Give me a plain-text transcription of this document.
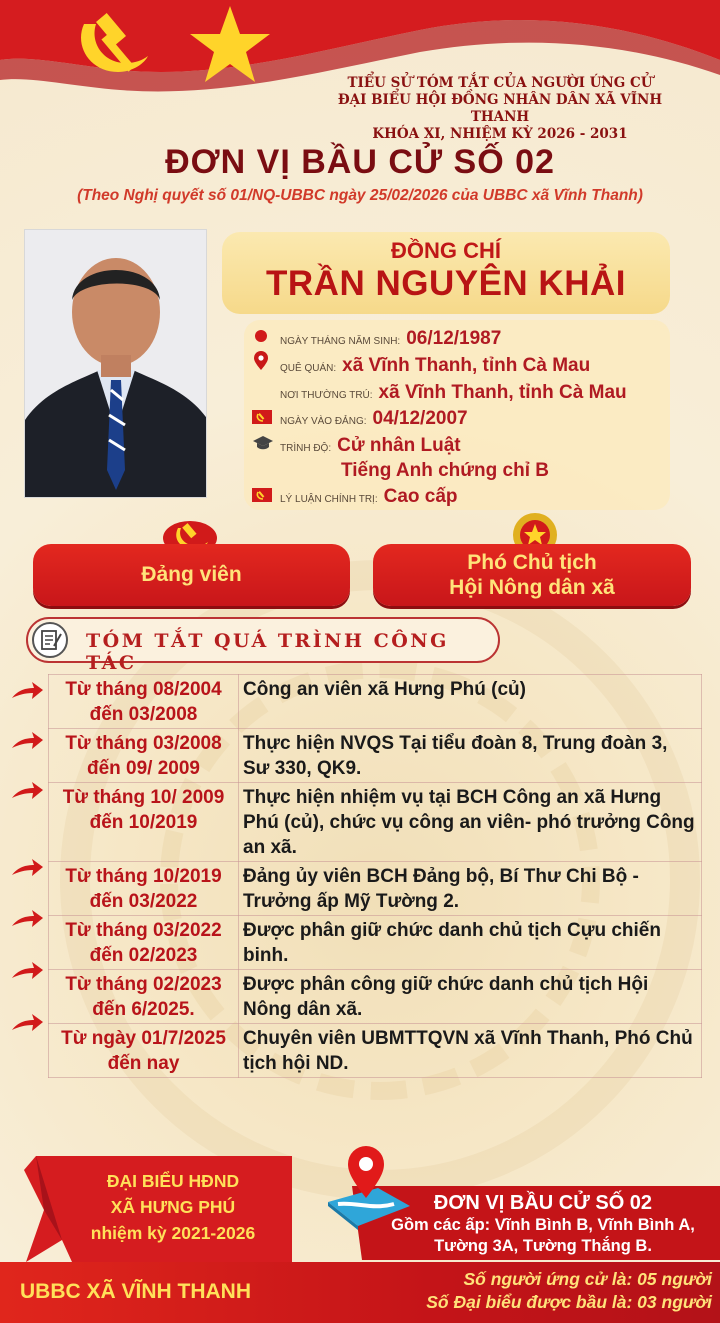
TIỂU SỬ TÓM TẮT CỦA NGƯỜI ỨNG CỬ
ĐẠI BIỂU HỘI ĐỒNG NHÂN DÂN XÃ VĨNH THANH
KHÓA XI, NHIỆM KỲ 2026 - 2031
ĐƠN VỊ BẦU CỬ SỐ 02
(Theo Nghị quyết số 01/NQ-UBBC ngày 25/02/2026 của UBBC xã Vĩnh Thanh)
ĐỒNG CHÍ
TRẦN NGUYÊN KHẢI
NGÀY THÁNG NĂM SINH: 06/12/1987
QUÊ QUÁN: xã Vĩnh Thanh, tỉnh Cà Mau
NƠI THƯỜNG TRÚ: xã Vĩnh Thanh, tỉnh Cà Mau
NGÀY VÀO ĐẢNG: 04/12/2007
TRÌNH ĐỘ: Cử nhân Luật
Tiếng Anh chứng chỉ B
LÝ LUẬN CHÍNH TRỊ: Cao cấp
Đảng viên
Phó Chủ tịch
Hội Nông dân xã
TÓM TẮT QUÁ TRÌNH CÔNG TÁC
Từ tháng 08/2004
đến 03/2008	Công an viên xã Hưng Phú (củ)

Từ tháng 03/2008
đến 09/ 2009	Thực hiện NVQS Tại tiểu đoàn 8, Trung đoàn 3, Sư 330, QK9.

Từ tháng 10/ 2009
đến 10/2019	Thực hiện nhiệm vụ tại BCH Công an xã Hưng Phú (củ), chức vụ công an viên- phó trưởng Công an xã.

Từ tháng 10/2019
đến 03/2022	Đảng ủy viên BCH Đảng bộ, Bí Thư Chi Bộ - Trưởng ấp Mỹ Tường 2.

Từ tháng 03/2022
đến 02/2023	Được phân giữ chức danh chủ tịch Cựu chiến binh.

Từ tháng 02/2023
đến 6/2025.	Được phân công giữ chức danh chủ tịch Hội Nông dân xã.

Từ ngày 01/7/2025
đến nay	Chuyên viên UBMTTQVN xã Vĩnh Thanh, Phó Chủ tịch hội ND.
ĐẠI BIỂU HĐND
XÃ HƯNG PHÚ
nhiệm kỳ 2021-2026
ĐƠN VỊ BẦU CỬ SỐ 02
Gồm các ấp: Vĩnh Bình B, Vĩnh Bình A, Tường 3A, Tường Thắng B.
UBBC XÃ VĨNH THANH
Số người ứng cử là: 05 người
Số Đại biểu được bầu là: 03 người
